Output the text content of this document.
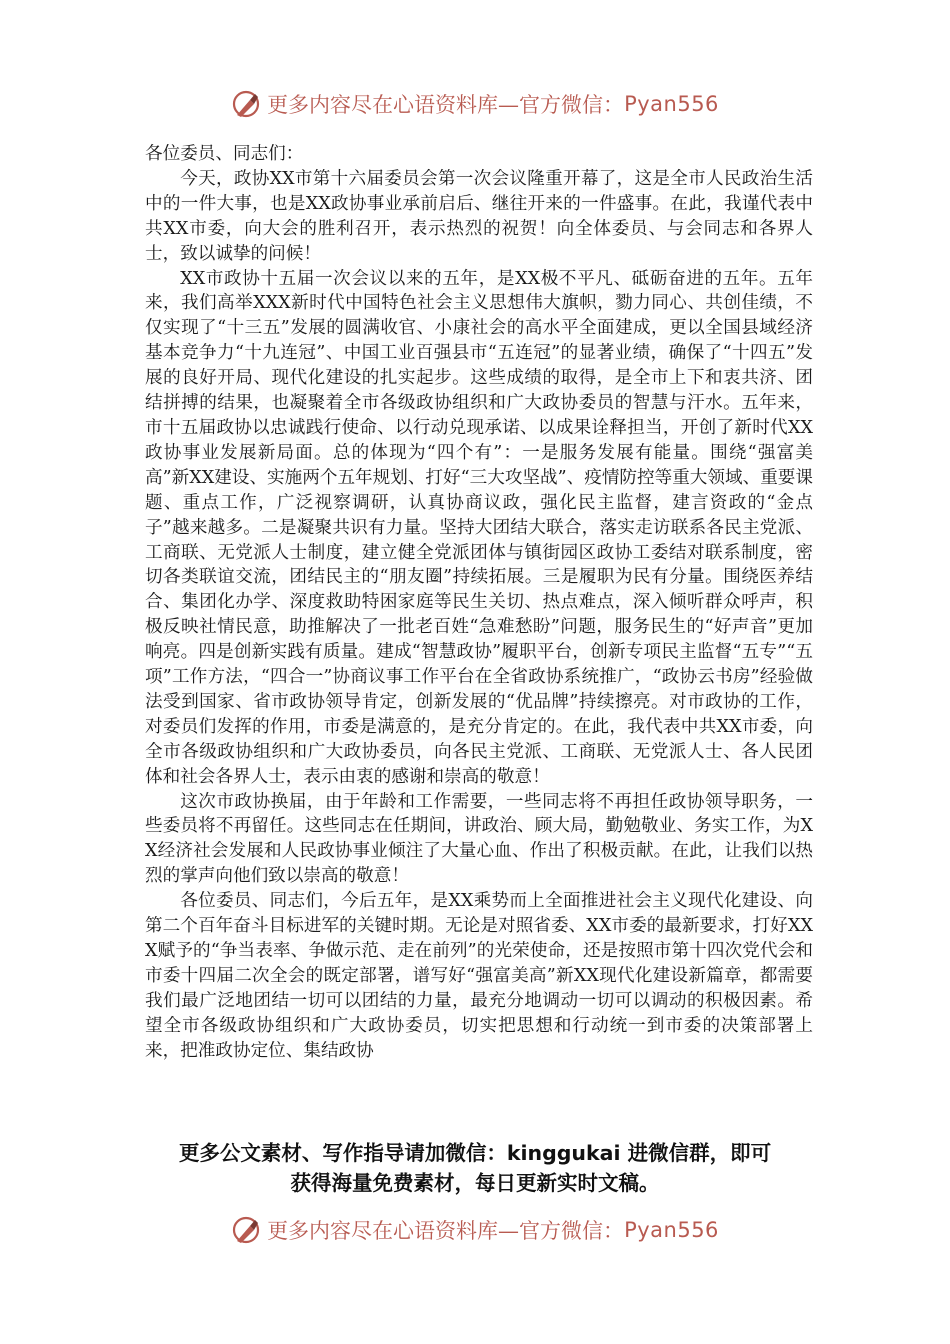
更多内容尽在心语资料库—官方微信： Pyan556

各位委员、同志们：

今天，政协XX市第十六届委员会第一次会议隆重开幕了，这是全市人民政治生活中的一件大事，也是XX政协事业承前启后、继往开来的一件盛事。在此，我谨代表中共XX市委，向大会的胜利召开，表示热烈的祝贺！向全体委员、与会同志和各界人士，致以诚挚的问候！

XX市政协十五届一次会议以来的五年，是XX极不平凡、砥砺奋进的五年。五年来，我们高举XXX新时代中国特色社会主义思想伟大旗帜，勠力同心、共创佳绩，不仅实现了“十三五”发展的圆满收官、小康社会的高水平全面建成，更以全国县域经济基本竞争力“十九连冠”、中国工业百强县市“五连冠”的显著业绩，确保了“十四五”发展的良好开局、现代化建设的扎实起步。这些成绩的取得，是全市上下和衷共济、团结拼搏的结果，也凝聚着全市各级政协组织和广大政协委员的智慧与汗水。五年来，市十五届政协以忠诚践行使命、以行动兑现承诺、以成果诠释担当，开创了新时代XX政协事业发展新局面。总的体现为“四个有”：一是服务发展有能量。围绕“强富美高”新XX建设、实施两个五年规划、打好“三大攻坚战”、疫情防控等重大领域、重要课题、重点工作，广泛视察调研，认真协商议政，强化民主监督，建言资政的“金点子”越来越多。二是凝聚共识有力量。坚持大团结大联合，落实走访联系各民主党派、工商联、无党派人士制度，建立健全党派团体与镇街园区政协工委结对联系制度，密切各类联谊交流，团结民主的“朋友圈”持续拓展。三是履职为民有分量。围绕医养结合、集团化办学、深度救助特困家庭等民生关切、热点难点，深入倾听群众呼声，积极反映社情民意，助推解决了一批老百姓“急难愁盼”问题，服务民生的“好声音”更加响亮。四是创新实践有质量。建成“智慧政协”履职平台，创新专项民主监督“五专”“五项”工作方法，“四合一”协商议事工作平台在全省政协系统推广，“政协云书房”经验做法受到国家、省市政协领导肯定，创新发展的“优品牌”持续擦亮。对市政协的工作，对委员们发挥的作用，市委是满意的，是充分肯定的。在此，我代表中共XX市委，向全市各级政协组织和广大政协委员，向各民主党派、工商联、无党派人士、各人民团体和社会各界人士，表示由衷的感谢和崇高的敬意！

这次市政协换届，由于年龄和工作需要，一些同志将不再担任政协领导职务，一些委员将不再留任。这些同志在任期间，讲政治、顾大局，勤勉敬业、务实工作，为XX经济社会发展和人民政协事业倾注了大量心血、作出了积极贡献。在此，让我们以热烈的掌声向他们致以崇高的敬意！

各位委员、同志们，今后五年，是XX乘势而上全面推进社会主义现代化建设、向第二个百年奋斗目标进军的关键时期。无论是对照省委、XX市委的最新要求，打好XXX赋予的“争当表率、争做示范、走在前列”的光荣使命，还是按照市第十四次党代会和市委十四届二次全会的既定部署，谱写好“强富美高”新XX现代化建设新篇章，都需要我们最广泛地团结一切可以团结的力量，最充分地调动一切可以调动的积极因素。希望全市各级政协组织和广大政协委员，切实把思想和行动统一到市委的决策部署上来，把准政协定位、集结政协

更多公文素材、写作指导请加微信：kinggukai 进微信群，即可
获得海量免费素材，每日更新实时文稿。
更多内容尽在心语资料库—官方微信： Pyan556
